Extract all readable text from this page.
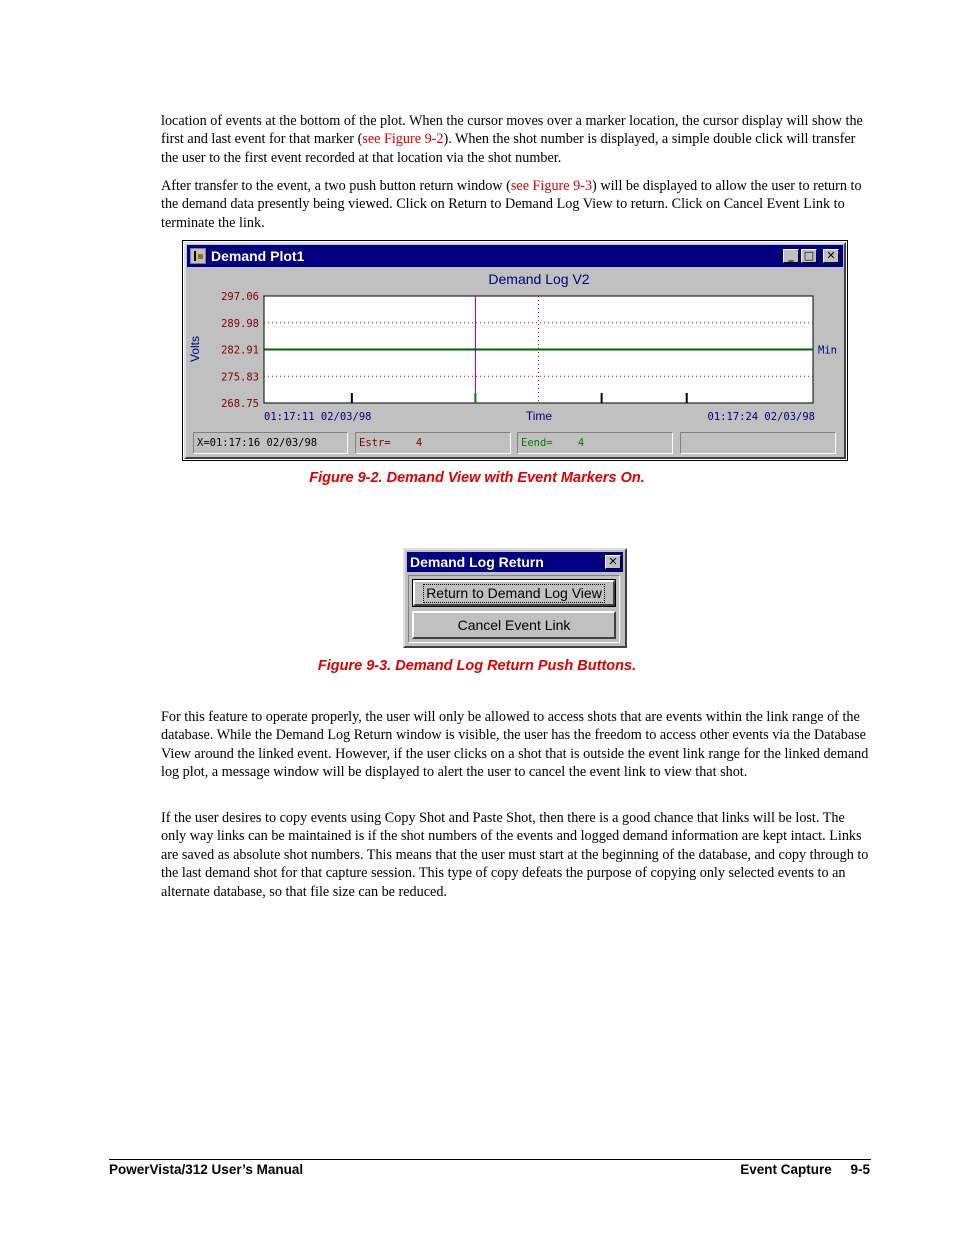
location of events at the bottom of the plot. When the cursor moves over a marker location, the cursor display will show the first and last event for that marker (see Figure 9-2). When the shot number is displayed, a simple double click will transfer the user to the first event recorded at that location via the shot number.

After transfer to the event, a two push button return window (see Figure 9-3) will be displayed to allow the user to return to the demand data presently being viewed. Click on Return to Demand Log View to return. Click on Cancel Event Link to terminate the link.

Demand Plot1	_ □	✕
Demand Log V2
Volts
Time
01:17:11 02/03/98	01:17:24 02/03/98
297.06
289.98
282.91
275.83
268.75
Min
X=01:17:16 02/03/98	Estr= 4	Eend= 4
Figure 9-2. Demand View with Event Markers On.
Demand Log Return	✕
Return to Demand Log View
Cancel Event Link
Figure 9-3. Demand Log Return Push Buttons.

For this feature to operate properly, the user will only be allowed to access shots that are events within the link range of the database. While the Demand Log Return window is visible, the user has the freedom to access other events via the Database View around the linked event. However, if the user clicks on a shot that is outside the event link range for the linked demand log plot, a message window will be displayed to alert the user to cancel the event link to view that shot.

If the user desires to copy events using Copy Shot and Paste Shot, then there is a good chance that links will be lost. The only way links can be maintained is if the shot numbers of the events and logged demand information are kept intact. Links are saved as absolute shot numbers. This means that the user must start at the beginning of the database, and copy through to the last demand shot for that capture session. This type of copy defeats the purpose of copying only selected events to an alternate database, so that file size can be reduced.

PowerVista/312 User’s Manual	Event Capture     9-5
